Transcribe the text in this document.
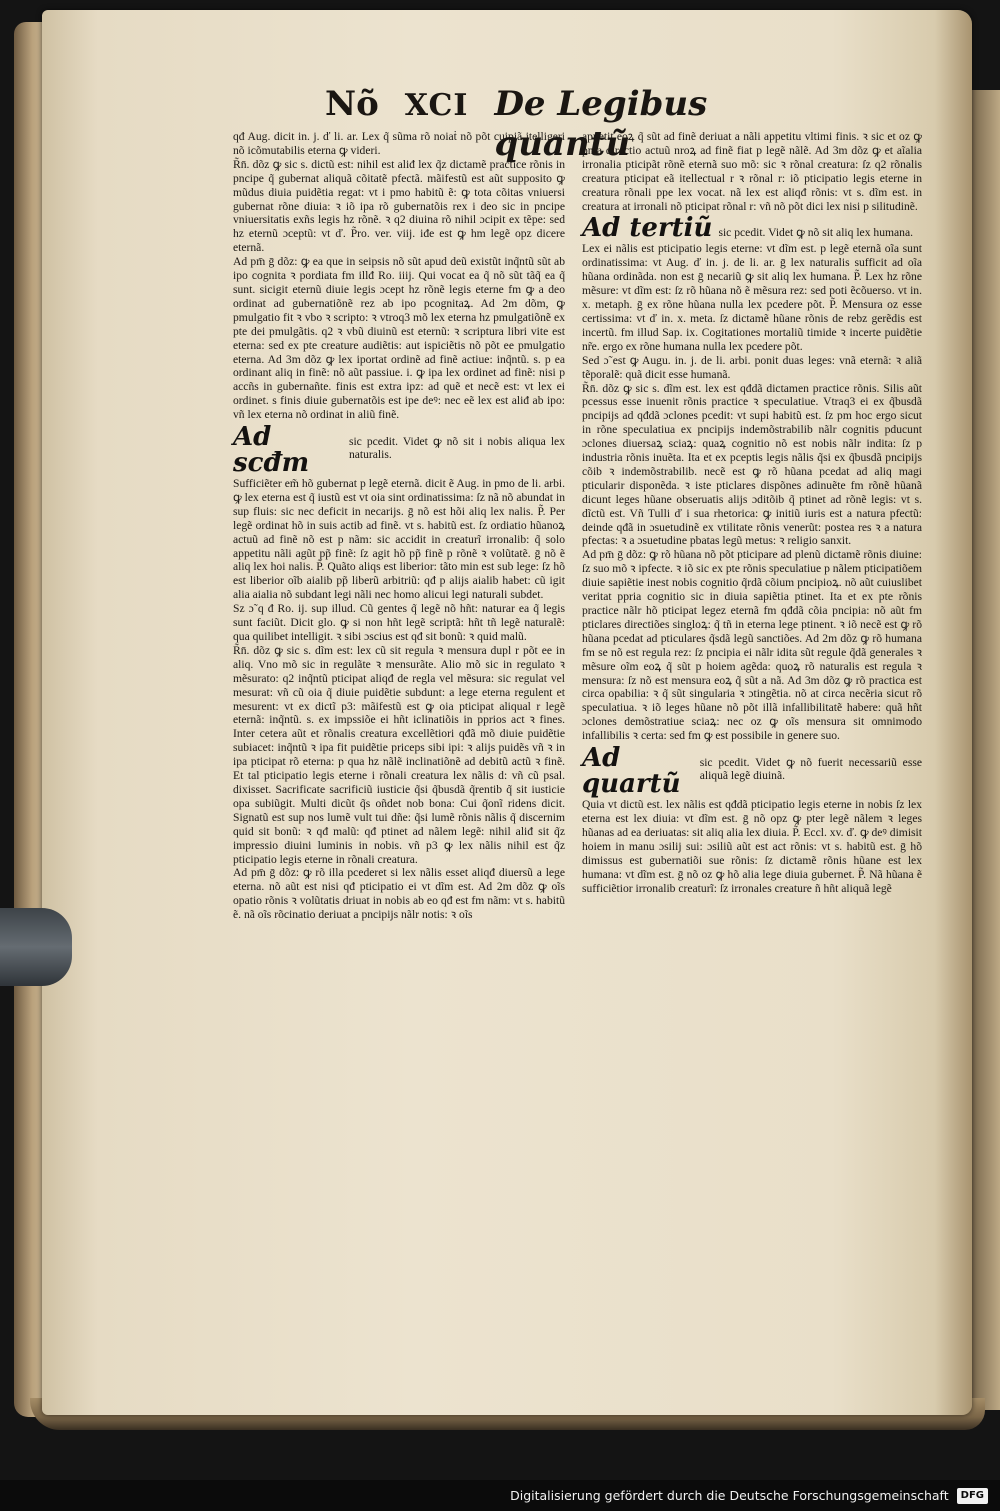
Nõ XCI De Legibus quantũ

qđ Aug. dicit in. j. ď li. ar. Lex q̃ sũma rõ noiaṫ nõ põt cuipiã itelligeri nõ icõmutabilis eterna ꝙ videri.

R̃n̄. dõz ꝙ sic s. dictũ est: nihil est aliđ lex q̃z dictamẽ practice rõnis in pncipe q̃ gubernat aliquã cõitatẽ pfectã. mãifestũ est aũt supposito ꝙ mũdus diuia puidẽtia regat: vt i pmo habitũ ẽ: ꝙ tota cõitas vniuersi gubernat rõne diuia: ꝛ iõ ipa rõ gubernatõis rex i deo sic in pncipe vniuersitatis exñs legis hz rõnẽ. ꝛ q2 diuina rõ nihil ɔcipit ex tẽpe: sed hz eternũ ɔceptũ: vt ď. P̃ro. ver. viij. iđe est ꝙ hm legẽ opz dicere eternã.

Ad pm̄ ḡ dõz: ꝙ ea que in seipsis nõ sũt apud deũ existũt inq̃ntũ sũt ab ipo cognita ꝛ pordiata fm illđ Ro. iiij. Qui vocat ea q̃ nõ sũt tãq̃ ea q̃ sunt. sicigit eternũ diuie legis ɔcept hz rõnẽ legis eterne fm ꝙ a deo ordinat ad gubernatiõnẽ rez ab ipo pcognitaꝝ. Ad 2m dõm, ꝙ pmulgatio fit ꝛ vbo ꝛ scripto: ꝛ vtroq3 mõ lex eterna hz pmulgatiõnẽ ex pte dei pmulgãtis. q2 ꝛ vbũ diuinũ est eternũ: ꝛ scriptura libri vite est eterna: sed ex pte creature audiẽtis: aut ispiciẽtis nõ põt ee pmulgatio eterna. Ad 3m dõz ꝙ lex iportat ordinẽ ad finẽ actiue: inq̃ntũ. s. p ea ordinant aliq in finẽ: nõ aũt passiue. i. ꝙ ipa lex ordinet ad finẽ: nisi p accñs in gubernañte. finis est extra ipz: ad quẽ et necẽ est: vt lex ei ordinet. s finis diuie gubernatõis est ipe deꝰ: nec eẽ lex est aliđ ab ipo: vñ lex eterna nõ ordinat in aliũ finẽ.

Ad scđm
sic pcedit. Videt ꝙ nõ sit i nobis aliqua lex naturalis.

Sufficiẽter em̃ hõ gubernat p legẽ eternã. dicit ẽ Aug. in pmo de li. arbi. ꝙ lex eterna est q̃ iustũ est vt oia sint ordinatissima: ſz nã nõ abundat in sup fluis: sic nec deficit in necarijs. ḡ nõ est hõi aliq lex nalis. P̃. Per legẽ ordinat hõ in suis actib ad finẽ. vt s. habitũ est. ſz ordiatio hũanoꝝ actuũ ad finẽ nõ est p nãm: sic accidit in creaturĩ irronalib: q̃ solo appetitu nãli agũt pp̃ finẽ: ſz agit hõ pp̃ finẽ p rõnẽ ꝛ volũtatẽ. ḡ nõ ẽ aliq lex hoi nalis. P̃. Quãto aliqs est liberior: tãto min est sub lege: ſz hõ est liberior oĩb aialib pp̃ liberũ arbitriũ: qđ p alijs aialib habet: cũ igit alia aialia nõ subdant legi nãli nec homo alicui legi naturali subdet.

Sz ɔ̃ q đ Ro. ij. sup illud. Cũ gentes q̃ legẽ nõ hñt: naturar ea q̃ legis sunt faciũt. Dicit glo. ꝙ si non hñt legẽ scriptã: hñt tñ legẽ naturalẽ: qua quilibet intelligit. ꝛ sibi ɔscius est qđ sit bonũ: ꝛ quid malũ.

R̃n̄. dõz ꝙ sic s. dĩm est: lex cũ sit regula ꝛ mensura dupl r põt ee in aliq. Vno mõ sic in regulãte ꝛ mensurãte. Alio mõ sic in regulato ꝛ mẽsurato: q2 inq̃ntũ pticipat aliqđ de regla vel mẽsura: sic regulat vel mesurat: vñ cũ oia q̃ diuie puidẽtie subdunt: a lege eterna regulent et mesurent: vt ex dictĩ p3: mãifestũ est ꝙ oia pticipat aliqual r legẽ eternã: inq̃ntũ. s. ex impssiõe ei hñt iclinatiõis in pprios act ꝛ fines. Inter cetera aũt et rõnalis creatura excellẽtiori qđã mõ diuie puidẽtie subiacet: inq̃ntũ ꝛ ipa fit puidẽtie priceps sibi ipi: ꝛ alijs puidẽs vñ ꝛ in ipa pticipat rõ eterna: p qua hz nãlẽ inclinatiõnẽ ad debitũ actũ ꝛ finẽ. Et tal pticipatio legis eterne i rõnali creatura lex nãlis d: vñ cũ psal. dixisset. Sacrificate sacrificiũ iusticie q̃si q̃busdã q̃rentib q̃ sit iusticie opa subiũgit. Multi dicũt q̃s oñdet nob bona: Cui q̃onĩ ridens dicit. Signatũ est sup nos lumẽ vult tui dñe: q̃si lumẽ rõnis nãlis q̃ discernim quid sit bonũ: ꝛ qđ malũ: qđ ptinet ad nãlem legẽ: nihil aliđ sit q̃z impressio diuini luminis in nobis. vñ p3 ꝙ lex nãlis nihil est q̃z pticipatio legis eterne in rõnali creatura.

Ad pm̄ ḡ dõz: ꝙ rõ illa pcederet si lex nãlis esset aliqđ diuersũ a lege eterna. nõ aũt est nisi qđ pticipatio ei vt dĩm est. Ad 2m dõz ꝙ oĩs opatio rõnis ꝛ volũtatis driuat in nobis ab eo qđ est fm nãm: vt s. habitũ ẽ. nã oĩs rõcinatio deriuat a pncipijs nãlr notis: ꝛ oĩs

appetit eoꝝ q̃ sũt ad finẽ deriuat a nãli appetitu vltimi finis. ꝛ sic et oz ꝙ pma directio actuũ nroꝝ ad finẽ fiat p legẽ nãlẽ. Ad 3m dõz ꝙ et aĩalia irronalia pticipãt rõnẽ eternã suo mõ: sic ꝛ rõnal creatura: ſz q2 rõnalis creatura pticipat eã itellectual r ꝛ rõnal r: iõ pticipatio legis eterne in creatura rõnali ppe lex vocat. nã lex est aliqđ rõnis: vt s. dĩm est. in creatura at irronali nõ pticipat rõnal r: vñ nõ põt dici lex nisi p silitudinẽ.

Ad tertiũ sic pcedit. Videt ꝙ nõ sit aliq lex humana.

Lex ei nãlis est pticipatio legis eterne: vt dĩm est. p legẽ eternã oĩa sunt ordinatissima: vt Aug. ď in. j. de li. ar. ḡ lex naturalis sufficit ad oĩa hũana ordinãda. non est ḡ necariũ ꝙ sit aliq lex humana. P̃. Lex hz rõne mẽsure: vt dĩm est: ſz rõ hũana nõ ẽ mẽsura rez: sed poti ẽcõuerso. vt in. x. metaph. ḡ ex rõne hũana nulla lex pcedere põt. P̃. Mensura oz esse certissima: vt ď in. x. meta. ſz dictamẽ hũane rõnis de rebz gerẽdis est incertũ. fm illud Sap. ix. Cogitationes mortaliũ timide ꝛ incerte puidẽtie nr̃e. ergo ex rõne humana nulla lex pcedere põt.

Sed ɔ̃ est ꝙ Augu. in. j. de li. arbi. ponit duas leges: vnã eternã: ꝛ aliã tẽporalẽ: quã dicit esse humanã.

R̃n̄. dõz ꝙ sic s. dĩm est. lex est qđdã dictamen practice rõnis. Silis aũt pcessus esse inuenit rõnis practice ꝛ speculatiue. Vtraq3 ei ex q̃busdã pncipijs ad qđdã ɔclones pcedit: vt supi habitũ est. ſz pm hoc ergo sicut in rõne speculatiua ex pncipijs indemõstrabilib nãlr cognitis pducunt ɔclones diuersaꝝ sciaꝝ: quaꝝ cognitio nõ est nobis nãlr indita: ſz p industria rõnis inuẽta. Ita et ex pceptis legis nãlis q̃si ex q̃busdã pncipijs cõib ꝛ indemõstrabilib. necẽ est ꝙ rõ hũana pcedat ad aliq magi pticularir disponẽda. ꝛ iste pticlares dispõnes adinuẽte fm rõnẽ hũanã dicunt leges hũane obseruatis alijs ɔditõib q̃ ptinet ad rõnẽ legis: vt s. dĩctũ est. Vñ Tulli ď i sua rhetorica: ꝙ initiũ iuris est a natura pfectũ: deinde qđã in ɔsuetudinẽ ex vtilitate rõnis venerũt: postea res ꝛ a natura pfectas: ꝛ a ɔsuetudine pbatas legũ metus: ꝛ religio sanxit.

Ad pm̄ ḡ dõz: ꝙ rõ hũana nõ põt pticipare ad plenũ dictamẽ rõnis diuine: ſz suo mõ ꝛ ipfecte. ꝛ iõ sic ex pte rõnis speculatiue p nãlem pticipatiõem diuie sapiẽtie inest nobis cognitio q̃rdã cõium pncipioꝝ. nõ aũt cuiuslibet veritat ppria cognitio sic in diuia sapiẽtia ptinet. Ita et ex pte rõnis practice nãlr hõ pticipat legez eternã fm qđdã cõia pncipia: nõ aũt fm pticlares directiões singloꝝ: q̃ tñ in eterna lege ptinent. ꝛ iõ necẽ est ꝙ rõ hũana pcedat ad pticulares q̃sdã legũ sanctiões. Ad 2m dõz ꝙ rõ humana fm se nõ est regula rez: ſz pncipia ei nãlr idita sũt regule q̃dã generales ꝛ mẽsure oĩm eoꝝ q̃ sũt p hoiem agẽda: quoꝝ rõ naturalis est regula ꝛ mensura: ſz nõ est mensura eoꝝ q̃ sũt a nã. Ad 3m dõz ꝙ rõ practica est circa opabilia: ꝛ q̃ sũt singularia ꝛ ɔtingẽtia. nõ at circa necẽria sicut rõ speculatiua. ꝛ iõ leges hũane nõ põt illã infallibilitatẽ habere: quã hñt ɔclones demõstratiue sciaꝝ: nec oz ꝙ oĩs mensura sit omnimodo infallibilis ꝛ certa: sed fm ꝙ est possibile in genere suo.

Ad quartũ
sic pcedit. Videt ꝙ nõ fuerit necessariũ esse aliquã legẽ diuinã.

Quia vt dictũ est. lex nãlis est qđdã pticipatio legis eterne in nobis ſz lex eterna est lex diuia: vt dĩm est. ḡ nõ opz ꝙ pter legẽ nãlem ꝛ leges hũanas ad ea deriuatas: sit aliq alia lex diuia. P̃. Eccl. xv. ď. ꝙ deꝰ dimisit hoiem in manu ɔsilij sui: ɔsiliũ aũt est act rõnis: vt s. habitũ est. ḡ hõ dimissus est gubernatiõi sue rõnis: ſz dictamẽ rõnis hũane est lex humana: vt dĩm est. ḡ nõ oz ꝙ hõ alia lege diuia gubernet. P̃. Nã hũana ẽ sufficiẽtior irronalib creaturĩ: ſz irronales creature ñ hñt aliquã legẽ

Digitalisierung gefördert durch die Deutsche Forschungsgemeinschaft	DFG
